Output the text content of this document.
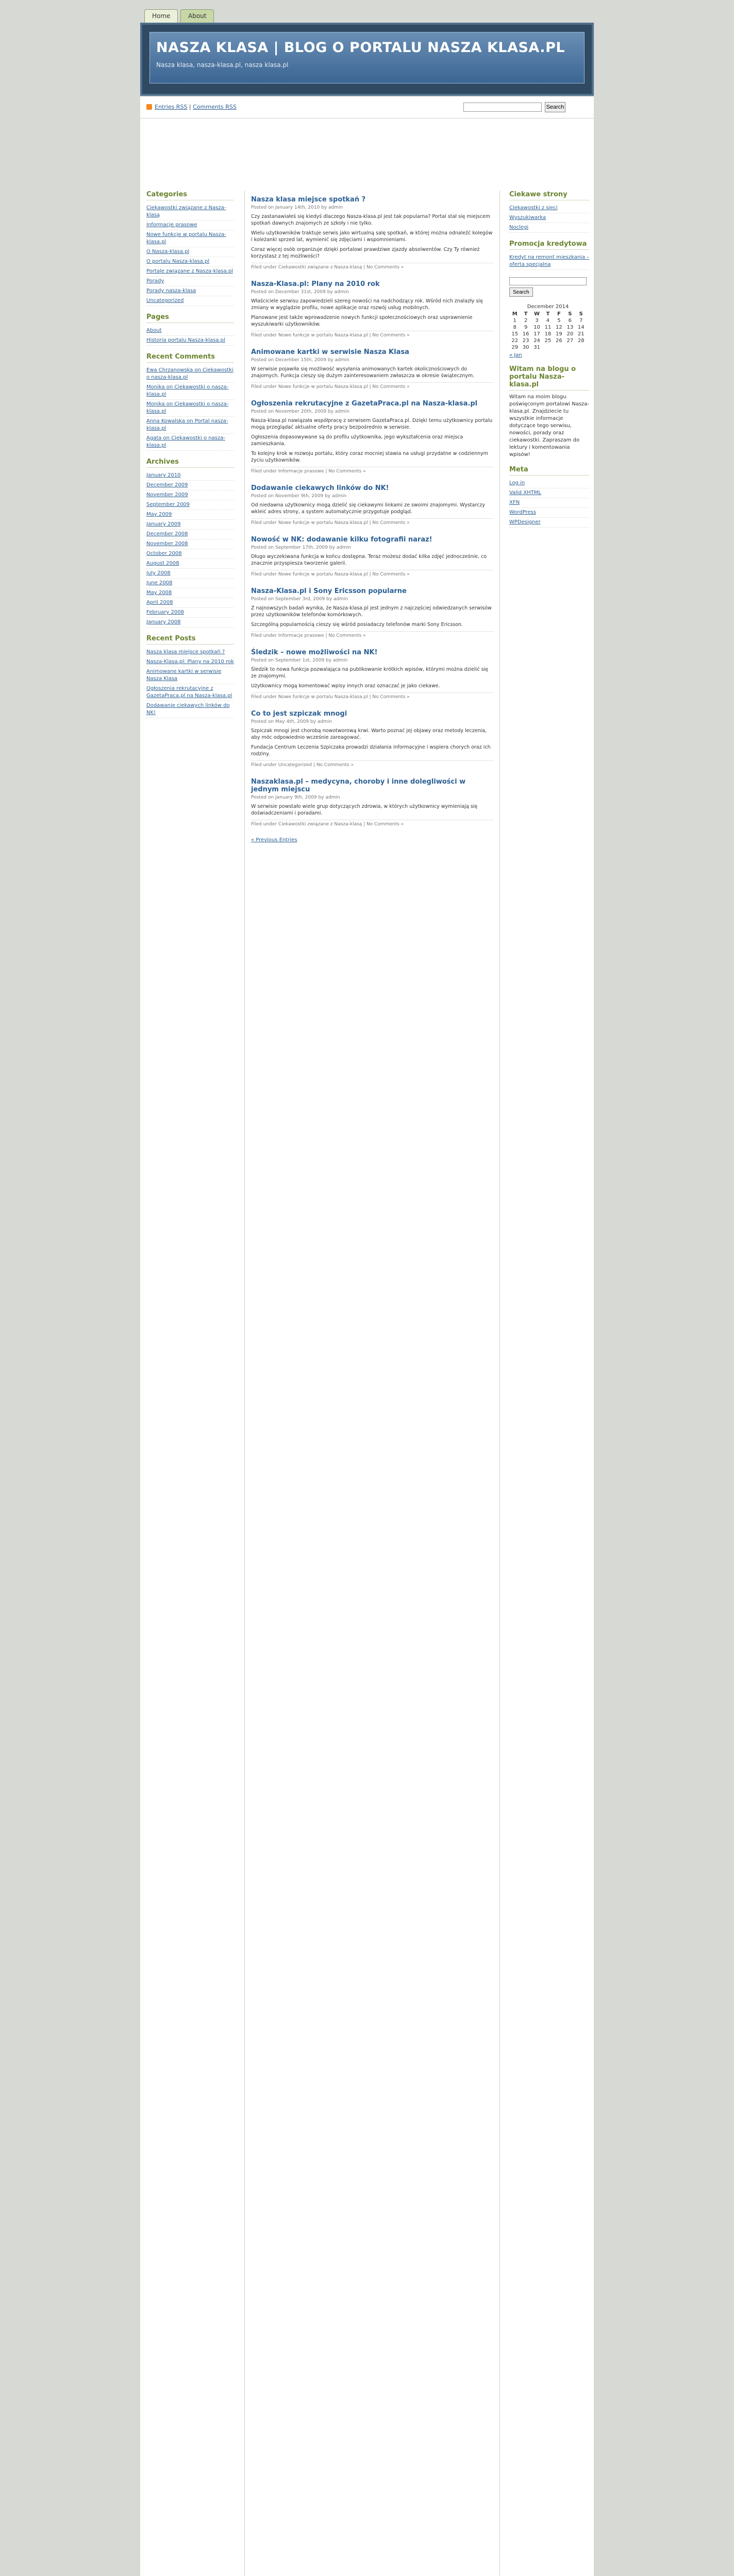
Home	About
NASZA KLASA | BLOG O PORTALU NASZA KLASA.PL
Nasza klasa, nasza-klasa.pl, nasza klasa.pl
Entries RSS | Comments RSS	Search
Categories
Ciekawostki związane z Nasza-klasą
Informacje prasowe
Nowe funkcje w portalu Nasza-klasa.pl
O Nasza-klasa.pl
O portalu Nasza-klasa.pl
Portale związane z Nasza-klasa.pl
Porady
Porady nasza-klasa
Uncategorized
Pages
About
Historia portalu Nasza-klasa.pl
Recent Comments
Ewa Chrzanowska on Ciekawostki o nasza-klasa.pl
Monika on Ciekawostki o nasza-klasa.pl
Monika on Ciekawostki o nasza-klasa.pl
Anna Kowalska on Portal nasza-klasa.pl
Agata on Ciekawostki o nasza-klasa.pl
Archives
January 2010
December 2009
November 2009
September 2009
May 2009
January 2009
December 2008
November 2008
October 2008
August 2008
July 2008
June 2008
May 2008
April 2008
February 2008
January 2008
Recent Posts
Nasza klasa miejsce spotkań ?
Nasza-Klasa.pl: Plany na 2010 rok
Animowane kartki w serwisie Nasza Klasa
Ogłoszenia rekrutacyjne z GazetaPraca.pl na Nasza-klasa.pl
Dodawanie ciekawych linków do NK!
Nasza klasa miejsce spotkań ?
Posted on January 14th, 2010 by admin

Czy zastanawiałeś się kiedyś dlaczego Nasza-klasa.pl jest tak popularna? Portal stał się miejscem spotkań dawnych znajomych ze szkoły i nie tylko.

Wielu użytkowników traktuje serwis jako wirtualną salę spotkań, w której można odnaleźć kolegów i koleżanki sprzed lat, wymienić się zdjęciami i wspomnieniami.

Coraz więcej osób organizuje dzięki portalowi prawdziwe zjazdy absolwentów. Czy Ty również korzystasz z tej możliwości?

Filed under Ciekawostki związane z Nasza-klasą | No Comments »
Nasza-Klasa.pl: Plany na 2010 rok
Posted on December 31st, 2009 by admin

Właściciele serwisu zapowiedzieli szereg nowości na nadchodzący rok. Wśród nich znalazły się zmiany w wyglądzie profilu, nowe aplikacje oraz rozwój usług mobilnych.

Planowane jest także wprowadzenie nowych funkcji społecznościowych oraz usprawnienie wyszukiwarki użytkowników.

Filed under Nowe funkcje w portalu Nasza-klasa.pl | No Comments »
Animowane kartki w serwisie Nasza Klasa
Posted on December 15th, 2009 by admin

W serwisie pojawiła się możliwość wysyłania animowanych kartek okolicznościowych do znajomych. Funkcja cieszy się dużym zainteresowaniem zwłaszcza w okresie świątecznym.

Filed under Nowe funkcje w portalu Nasza-klasa.pl | No Comments »
Ogłoszenia rekrutacyjne z GazetaPraca.pl na Nasza-klasa.pl
Posted on November 20th, 2009 by admin

Nasza-klasa.pl nawiązała współpracę z serwisem GazetaPraca.pl. Dzięki temu użytkownicy portalu mogą przeglądać aktualne oferty pracy bezpośrednio w serwisie.

Ogłoszenia dopasowywane są do profilu użytkownika, jego wykształcenia oraz miejsca zamieszkania.

To kolejny krok w rozwoju portalu, który coraz mocniej stawia na usługi przydatne w codziennym życiu użytkowników.

Filed under Informacje prasowe | No Comments »
Dodawanie ciekawych linków do NK!
Posted on November 9th, 2009 by admin

Od niedawna użytkownicy mogą dzielić się ciekawymi linkami ze swoimi znajomymi. Wystarczy wkleić adres strony, a system automatycznie przygotuje podgląd.

Filed under Nowe funkcje w portalu Nasza-klasa.pl | No Comments »
Nowość w NK: dodawanie kilku fotografii naraz!
Posted on September 17th, 2009 by admin

Długo wyczekiwana funkcja w końcu dostępna. Teraz możesz dodać kilka zdjęć jednocześnie, co znacznie przyspiesza tworzenie galerii.

Filed under Nowe funkcje w portalu Nasza-klasa.pl | No Comments »
Nasza-Klasa.pl i Sony Ericsson popularne
Posted on September 3rd, 2009 by admin

Z najnowszych badań wynika, że Nasza-klasa.pl jest jednym z najczęściej odwiedzanych serwisów przez użytkowników telefonów komórkowych.

Szczególną popularnością cieszy się wśród posiadaczy telefonów marki Sony Ericsson.

Filed under Informacje prasowe | No Comments »
Śledzik – nowe możliwości na NK!
Posted on September 1st, 2009 by admin

Śledzik to nowa funkcja pozwalająca na publikowanie krótkich wpisów, którymi można dzielić się ze znajomymi.

Użytkownicy mogą komentować wpisy innych oraz oznaczać je jako ciekawe.

Filed under Nowe funkcje w portalu Nasza-klasa.pl | No Comments »
Co to jest szpiczak mnogi
Posted on May 4th, 2009 by admin

Szpiczak mnogi jest chorobą nowotworową krwi. Warto poznać jej objawy oraz metody leczenia, aby móc odpowiednio wcześnie zareagować.

Fundacja Centrum Leczenia Szpiczaka prowadzi działania informacyjne i wspiera chorych oraz ich rodziny.

Filed under Uncategorized | No Comments »
Naszaklasa.pl – medycyna, choroby i inne dolegliwości w jednym miejscu
Posted on January 9th, 2009 by admin

W serwisie powstało wiele grup dotyczących zdrowia, w których użytkownicy wymieniają się doświadczeniami i poradami.

Filed under Ciekawostki związane z Nasza-klasą | No Comments »
« Previous Entries
Ciekawe strony
Ciekawostki z sieci
Wyszukiwarka
Noclegi
Promocja kredytowa
Kredyt na remont mieszkania – oferta specjalna
Search
December 2014
M	T	W	T	F	S	S
1	2	3	4	5	6	7
8	9	10	11	12	13	14
15	16	17	18	19	20	21
22	23	24	25	26	27	28
29	30	31				
« Jan
Witam na blogu o portalu Nasza-klasa.pl

Witam na moim blogu poświęconym portalowi Nasza-klasa.pl. Znajdziecie tu wszystkie informacje dotyczące tego serwisu, nowości, porady oraz ciekawostki. Zapraszam do lektury i komentowania wpisów!

Meta
Log in
Valid XHTML
XFN
WordPress
WPDesigner
